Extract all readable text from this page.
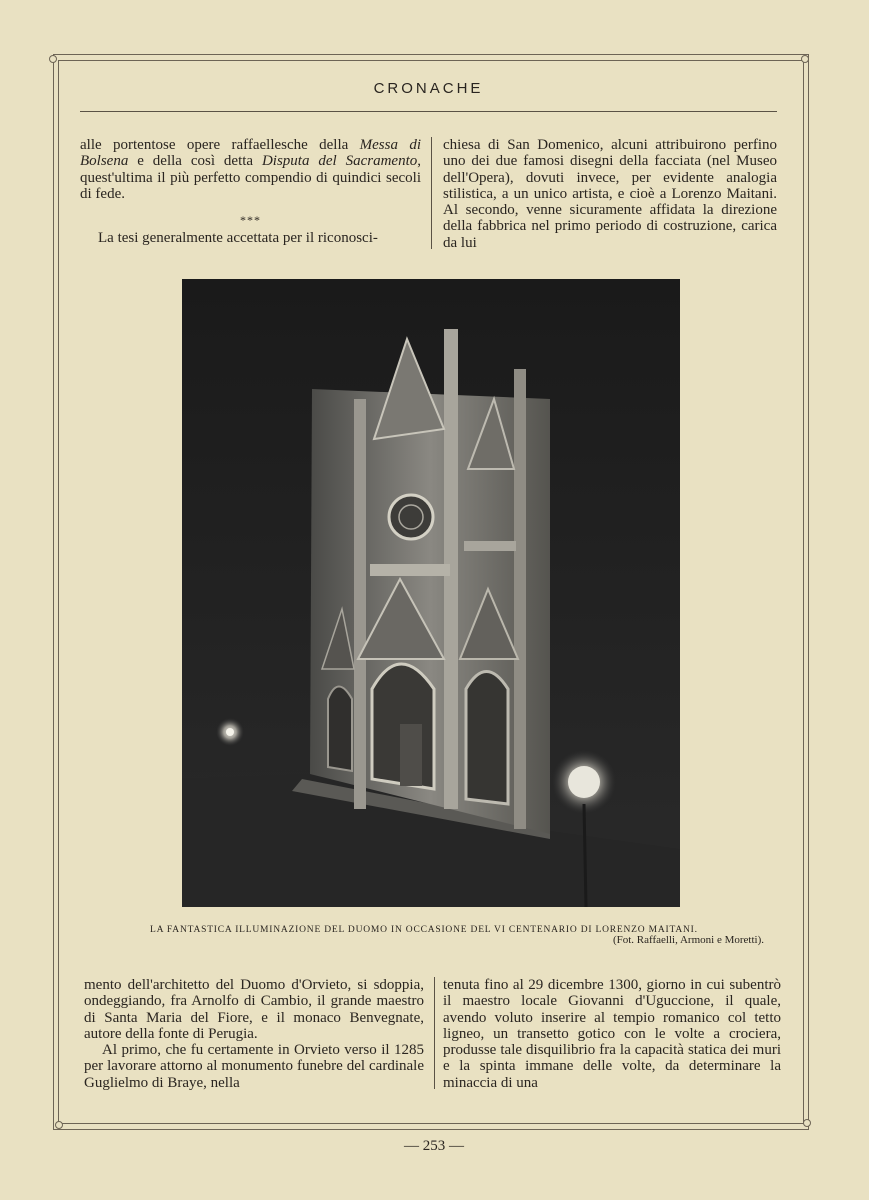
CRONACHE

alle portentose opere raffaellesche della Messa di Bolsena e della così detta Disputa del Sacramento, quest'ultima il più perfetto compendio di quindici secoli di fede.

***

La tesi generalmente accettata per il riconosci-

chiesa di San Domenico, alcuni attribuirono perfino uno dei due famosi disegni della facciata (nel Museo dell'Opera), dovuti invece, per evidente analogia stilistica, a un unico artista, e cioè a Lorenzo Maitani. Al secondo, venne sicuramente affidata la direzione della fabbrica nel primo periodo di costruzione, carica da lui

LA FANTASTICA ILLUMINAZIONE DEL DUOMO IN OCCASIONE DEL VI CENTENARIO DI LORENZO MAITANI.
(Fot. Raffaelli, Armoni e Moretti).

mento dell'architetto del Duomo d'Orvieto, si sdoppia, ondeggiando, fra Arnolfo di Cambio, il grande maestro di Santa Maria del Fiore, e il monaco Benvegnate, autore della fonte di Perugia.

Al primo, che fu certamente in Orvieto verso il 1285 per lavorare attorno al monumento funebre del cardinale Guglielmo di Braye, nella

tenuta fino al 29 dicembre 1300, giorno in cui subentrò il maestro locale Giovanni d'Uguccione, il quale, avendo voluto inserire al tempio romanico col tetto ligneo, un transetto gotico con le volte a crociera, produsse tale disquilibrio fra la capacità statica dei muri e la spinta immane delle volte, da determinare la minaccia di una

— 253 —
